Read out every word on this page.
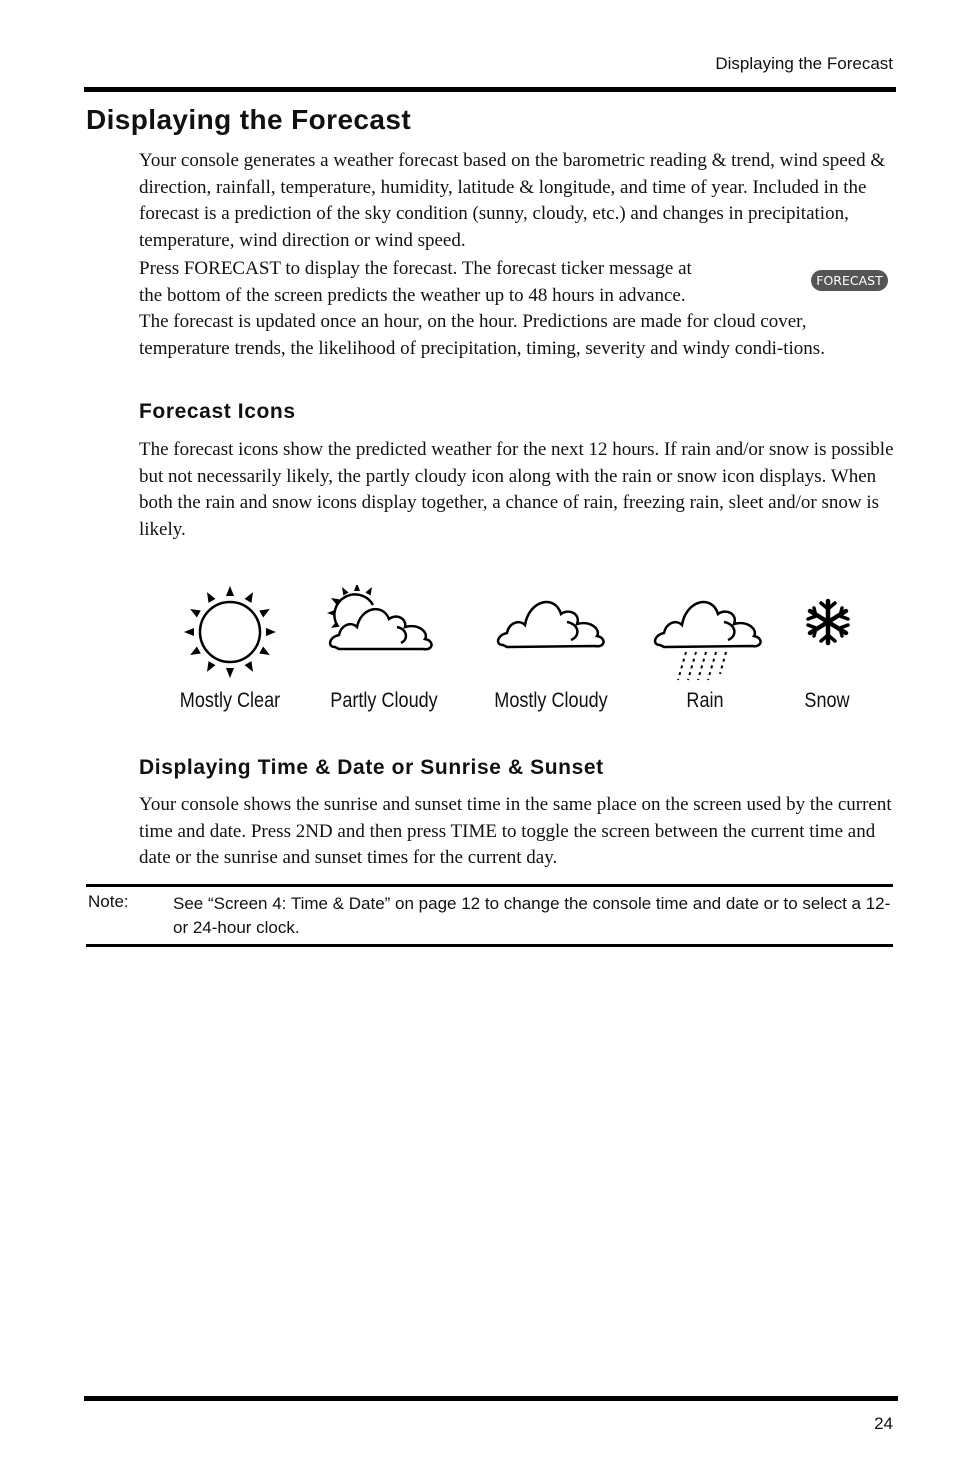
Displaying the Forecast
Displaying the Forecast

Your console generates a weather forecast based on the barometric reading & trend, wind speed & direction, rainfall, temperature, humidity, latitude & longitude, and time of year. Included in the forecast is a prediction of the sky condition (sunny, cloudy, etc.) and changes in precipitation, temperature, wind direction or wind speed.

Press FORECAST to display the forecast. The forecast ticker message at
the bottom of the screen predicts the weather up to 48 hours in advance.

FORECAST

The forecast is updated once an hour, on the hour. Predictions are made for cloud cover, temperature trends, the likelihood of precipitation, timing, severity and windy condi-tions.

Forecast Icons

The forecast icons show the predicted weather for the next 12 hours. If rain and/or snow is possible but not necessarily likely, the partly cloudy icon along with the rain or snow icon displays. When both the rain and snow icons display together, a chance of rain, freezing rain, sleet and/or snow is likely.

Mostly Clear	Partly Cloudy	Mostly Cloudy	Rain	Snow
Displaying Time & Date or Sunrise & Sunset

Your console shows the sunrise and sunset time in the same place on the screen used by the current time and date. Press 2ND and then press TIME to toggle the screen between the current time and date or the sunrise and sunset times for the current day.

Note:	See “Screen 4: Time & Date” on page 12 to change the console time and date or to select a 12- or 24-hour clock.

24
